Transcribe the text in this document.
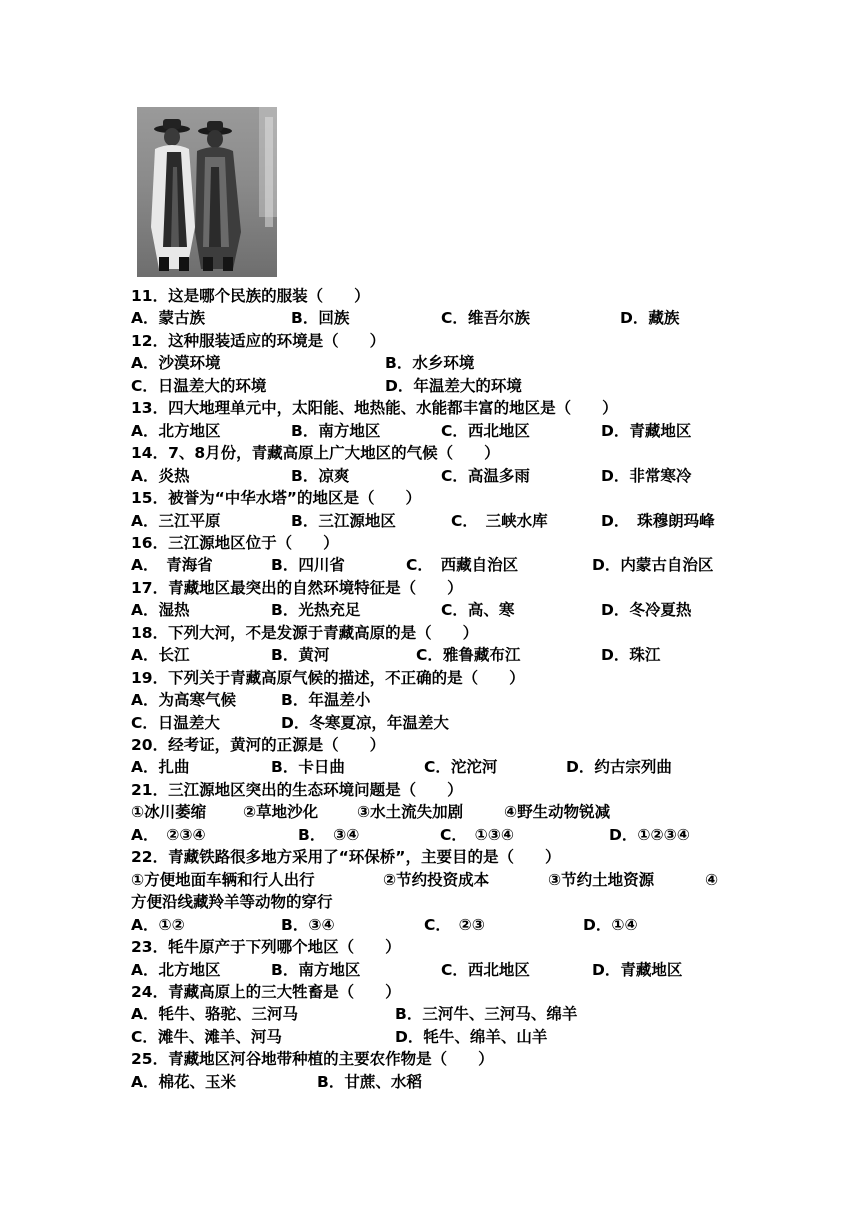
11．这是哪个民族的服装（　　）
A．蒙古族	B．回族	C．维吾尔族	D．藏族
12．这种服装适应的环境是（　　）
A．沙漠环境	B．水乡环境
C．日温差大的环境	D．年温差大的环境
13．四大地理单元中，太阳能、地热能、水能都丰富的地区是（　　）
A．北方地区	B．南方地区	C．西北地区	D．青藏地区
14．7、8月份，青藏高原上广大地区的气候（　　）
A．炎热	B．凉爽	C．高温多雨	D．非常寒冷
15．被誉为“中华水塔”的地区是（　　）
A．三江平原	B．三江源地区	C．　三峡水库	D．　珠穆朗玛峰
16．三江源地区位于（　　）
A．　青海省	B．四川省	C．　西藏自治区	D．内蒙古自治区
17．青藏地区最突出的自然环境特征是（　　）
A．湿热	B．光热充足	C．高、寒	D．冬冷夏热
18．下列大河，不是发源于青藏高原的是（　　）
A．长江	B．黄河	C．雅鲁藏布江	D．珠江
19．下列关于青藏高原气候的描述，不正确的是（　　）
A．为高寒气候	B．年温差小
C．日温差大	D．冬寒夏凉，年温差大
20．经考证，黄河的正源是（　　）
A．扎曲	B．卡日曲	C．沱沱河	D．约古宗列曲
21．三江源地区突出的生态环境问题是（　　）
①冰川萎缩 ②草地沙化	③水土流失加剧	④野生动物锐减
A．　②③④	B．　③④	C．　①③④	D．①②③④
22．青藏铁路很多地方采用了“环保桥”，主要目的是（　　）
①方便地面车辆和行人出行	②节约投资成本	③节约土地资源	④
方便沿线藏羚羊等动物的穿行
A．①②	B．③④	C．　②③	D．①④
23．牦牛原产于下列哪个地区（　　）
A．北方地区	B．南方地区	C．西北地区	D．青藏地区
24．青藏高原上的三大牲畜是（　　）
A．牦牛、骆驼、三河马	B．三河牛、三河马、绵羊
C．滩牛、滩羊、河马	D．牦牛、绵羊、山羊
25．青藏地区河谷地带种植的主要农作物是（　　）
A．棉花、玉米	B．甘蔗、水稻
